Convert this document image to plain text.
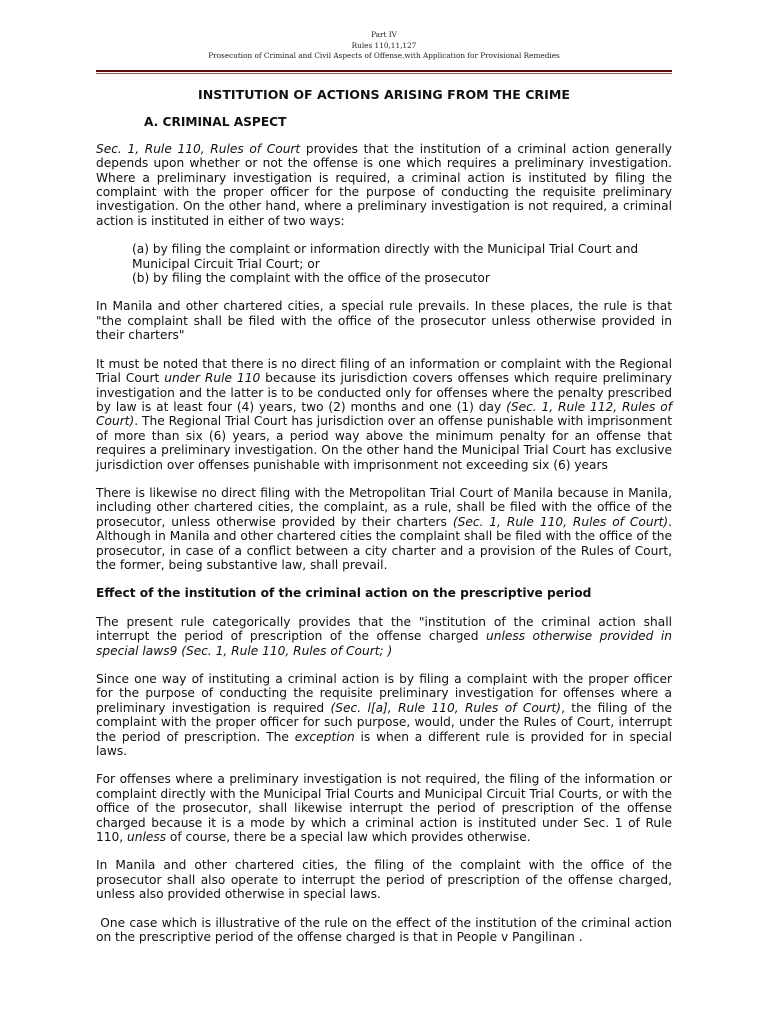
Part IV
Rules 110,11,127
Prosecution of Criminal and Civil Aspects of Offense,with Application for Provisional Remedies

INSTITUTION OF ACTIONS ARISING FROM THE CRIME

A. CRIMINAL ASPECT

Sec. 1, Rule 110, Rules of Court provides that the institution of a criminal action generally depends upon whether or not the offense is one which requires a preliminary investigation. Where a preliminary investigation is required, a criminal action is instituted by filing the complaint with the proper officer for the purpose of conducting the requisite preliminary investigation. On the other hand, where a preliminary investigation is not required, a criminal action is instituted in either of two ways:

(a) by filing the complaint or information directly with the Municipal Trial Court and Municipal Circuit Trial Court; or
(b) by filing the complaint with the office of the prosecutor

In Manila and other chartered cities, a special rule prevails. In these places, the rule is that "the complaint shall be filed with the office of the prosecutor unless otherwise provided in their charters"

It must be noted that there is no direct filing of an information or complaint with the Regional Trial Court under Rule 110 because its jurisdiction covers offenses which require preliminary investigation and the latter is to be conducted only for offenses where the penalty prescribed by law is at least four (4) years, two (2) months and one (1) day (Sec. 1, Rule 112, Rules of Court). The Regional Trial Court has jurisdiction over an offense punishable with imprisonment of more than six (6) years, a period way above the minimum penalty for an offense that requires a preliminary investigation. On the other hand the Municipal Trial Court has exclusive jurisdiction over offenses punishable with imprisonment not exceeding six (6) years

There is likewise no direct filing with the Metropolitan Trial Court of Manila because in Manila, including other chartered cities, the complaint, as a rule, shall be filed with the office of the prosecutor, unless otherwise provided by their charters (Sec. 1, Rule 110, Rules of Court). Although in Manila and other chartered cities the complaint shall be filed with the office of the prosecutor, in case of a conflict between a city charter and a provision of the Rules of Court, the former, being substantive law, shall prevail.

Effect of the institution of the criminal action on the prescriptive period

The present rule categorically provides that the "institution of the criminal action shall interrupt the period of prescription of the offense charged unless otherwise provided in special laws9 (Sec. 1, Rule 110, Rules of Court; )

Since one way of instituting a criminal action is by filing a complaint with the proper officer for the purpose of conducting the requisite preliminary investigation for offenses where a preliminary investigation is required (Sec. l[a], Rule 110, Rules of Court), the filing of the complaint with the proper officer for such purpose, would, under the Rules of Court, interrupt the period of prescription. The exception is when a different rule is provided for in special laws.

For offenses where a preliminary investigation is not required, the filing of the information or complaint directly with the Municipal Trial Courts and Municipal Circuit Trial Courts, or with the office of the prosecutor, shall likewise interrupt the period of prescription of the offense charged because it is a mode by which a criminal action is instituted under Sec. 1 of Rule 110, unless of course, there be a special law which provides otherwise.

In Manila and other chartered cities, the filing of the complaint with the office of the prosecutor shall also operate to interrupt the period of prescription of the offense charged, unless also provided otherwise in special laws.

One case which is illustrative of the rule on the effect of the institution of the criminal action on the prescriptive period of the offense charged is that in People v Pangilinan .
